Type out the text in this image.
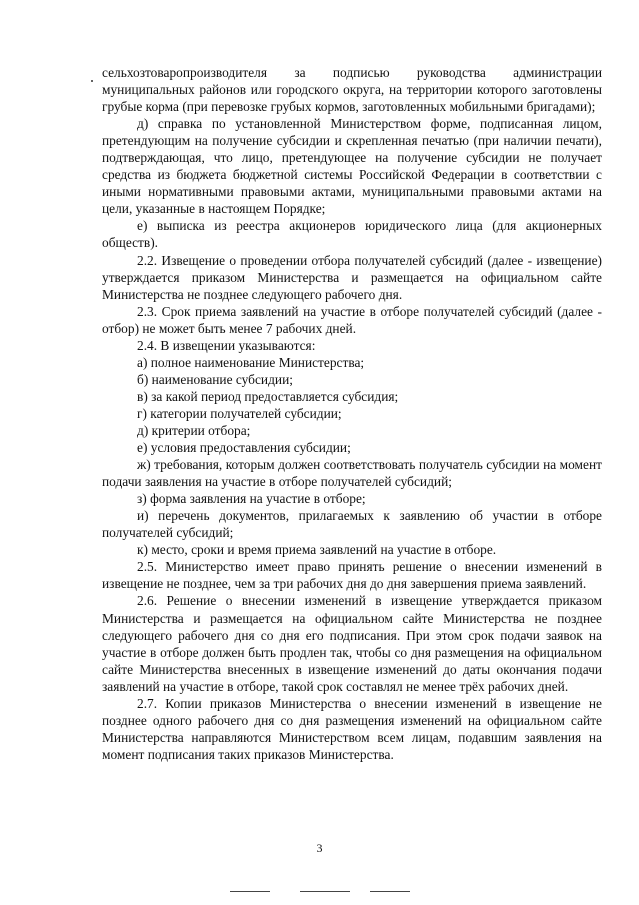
сельхозтоваропроизводителя за подписью руководства администрации муниципальных районов или городского округа, на территории которого заготовлены грубые корма (при перевозке грубых кормов, заготовленных мобильными бригадами);

д) справка по установленной Министерством форме, подписанная лицом, претендующим на получение субсидии и скрепленная печатью (при наличии печати), подтверждающая, что лицо, претендующее на получение субсидии не получает средства из бюджета бюджетной системы Российской Федерации в соответствии с иными нормативными правовыми актами, муниципальными правовыми актами на цели, указанные в настоящем Порядке;

е) выписка из реестра акционеров юридического лица (для акционерных обществ).

2.2. Извещение о проведении отбора получателей субсидий (далее - извещение) утверждается приказом Министерства и размещается на официальном сайте Министерства не позднее следующего рабочего дня.

2.3. Срок приема заявлений на участие в отборе получателей субсидий (далее - отбор) не может быть менее 7 рабочих дней.

2.4. В извещении указываются:

а) полное наименование Министерства;

б) наименование субсидии;

в) за какой период предоставляется субсидия;

г) категории получателей субсидии;

д) критерии отбора;

е) условия предоставления субсидии;

ж) требования, которым должен соответствовать получатель субсидии на момент подачи заявления на участие в отборе получателей субсидий;

з) форма заявления на участие в отборе;

и) перечень документов, прилагаемых к заявлению об участии в отборе получателей субсидий;

к) место, сроки и время приема заявлений на участие в отборе.

2.5. Министерство имеет право принять решение о внесении изменений в извещение не позднее, чем за три рабочих дня до дня завершения приема заявлений.

2.6. Решение о внесении изменений в извещение утверждается приказом Министерства и размещается на официальном сайте Министерства не позднее следующего рабочего дня со дня его подписания. При этом срок подачи заявок на участие в отборе должен быть продлен так, чтобы со дня размещения на официальном сайте Министерства внесенных в извещение изменений до даты окончания подачи заявлений на участие в отборе, такой срок составлял не менее трёх рабочих дней.

2.7. Копии приказов Министерства о внесении изменений в извещение не позднее одного рабочего дня со дня размещения изменений на официальном сайте Министерства направляются Министерством всем лицам, подавшим заявления на момент подписания таких приказов Министерства.

3
